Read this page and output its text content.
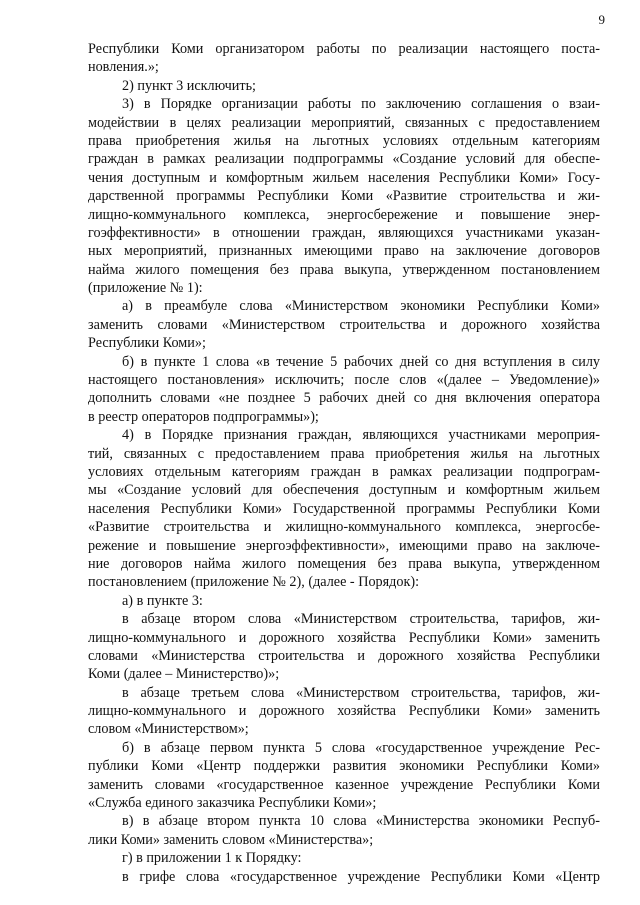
9
Республики Коми организатором работы по реализации настоящего поста-
новления.»;
2) пункт 3 исключить;
3) в Порядке организации работы по заключению соглашения о взаи-
модействии в целях реализации мероприятий, связанных с предоставлением
права приобретения жилья на льготных условиях отдельным категориям
граждан в рамках реализации подпрограммы «Создание условий для обеспе-
чения доступным и комфортным жильем населения Республики Коми» Госу-
дарственной программы Республики Коми «Развитие строительства и жи-
лищно-коммунального комплекса, энергосбережение и повышение энер-
гоэффективности» в отношении граждан, являющихся участниками указан-
ных мероприятий, признанных имеющими право на заключение договоров
найма жилого помещения без права выкупа, утвержденном постановлением
(приложение № 1):
а) в преамбуле слова «Министерством экономики Республики Коми»
заменить словами «Министерством строительства и дорожного хозяйства
Республики Коми»;
б) в пункте 1 слова «в течение 5 рабочих дней со дня вступления в силу
настоящего постановления» исключить; после слов «(далее – Уведомление)»
дополнить словами «не позднее 5 рабочих дней со дня включения оператора
в реестр операторов подпрограммы»);
4) в Порядке признания граждан, являющихся участниками мероприя-
тий, связанных с предоставлением права приобретения жилья на льготных
условиях отдельным категориям граждан в рамках реализации подпрограм-
мы «Создание условий для обеспечения доступным и комфортным жильем
населения Республики Коми» Государственной программы Республики Коми
«Развитие строительства и жилищно-коммунального комплекса, энергосбе-
режение и повышение энергоэффективности», имеющими право на заключе-
ние договоров найма жилого помещения без права выкупа, утвержденном
постановлением (приложение № 2), (далее - Порядок):
а) в пункте 3:
в абзаце втором слова «Министерством строительства, тарифов, жи-
лищно-коммунального и дорожного хозяйства Республики Коми» заменить
словами «Министерства строительства и дорожного хозяйства Республики
Коми (далее – Министерство)»;
в абзаце третьем слова «Министерством строительства, тарифов, жи-
лищно-коммунального и дорожного хозяйства Республики Коми» заменить
словом «Министерством»;
б) в абзаце первом пункта 5 слова «государственное учреждение Рес-
публики Коми «Центр поддержки развития экономики Республики Коми»
заменить словами «государственное казенное учреждение Республики Коми
«Служба единого заказчика Республики Коми»;
в) в абзаце втором пункта 10 слова «Министерства экономики Респуб-
лики Коми» заменить словом «Министерства»;
г) в приложении 1 к Порядку:
в грифе слова «государственное учреждение Республики Коми «Центр
